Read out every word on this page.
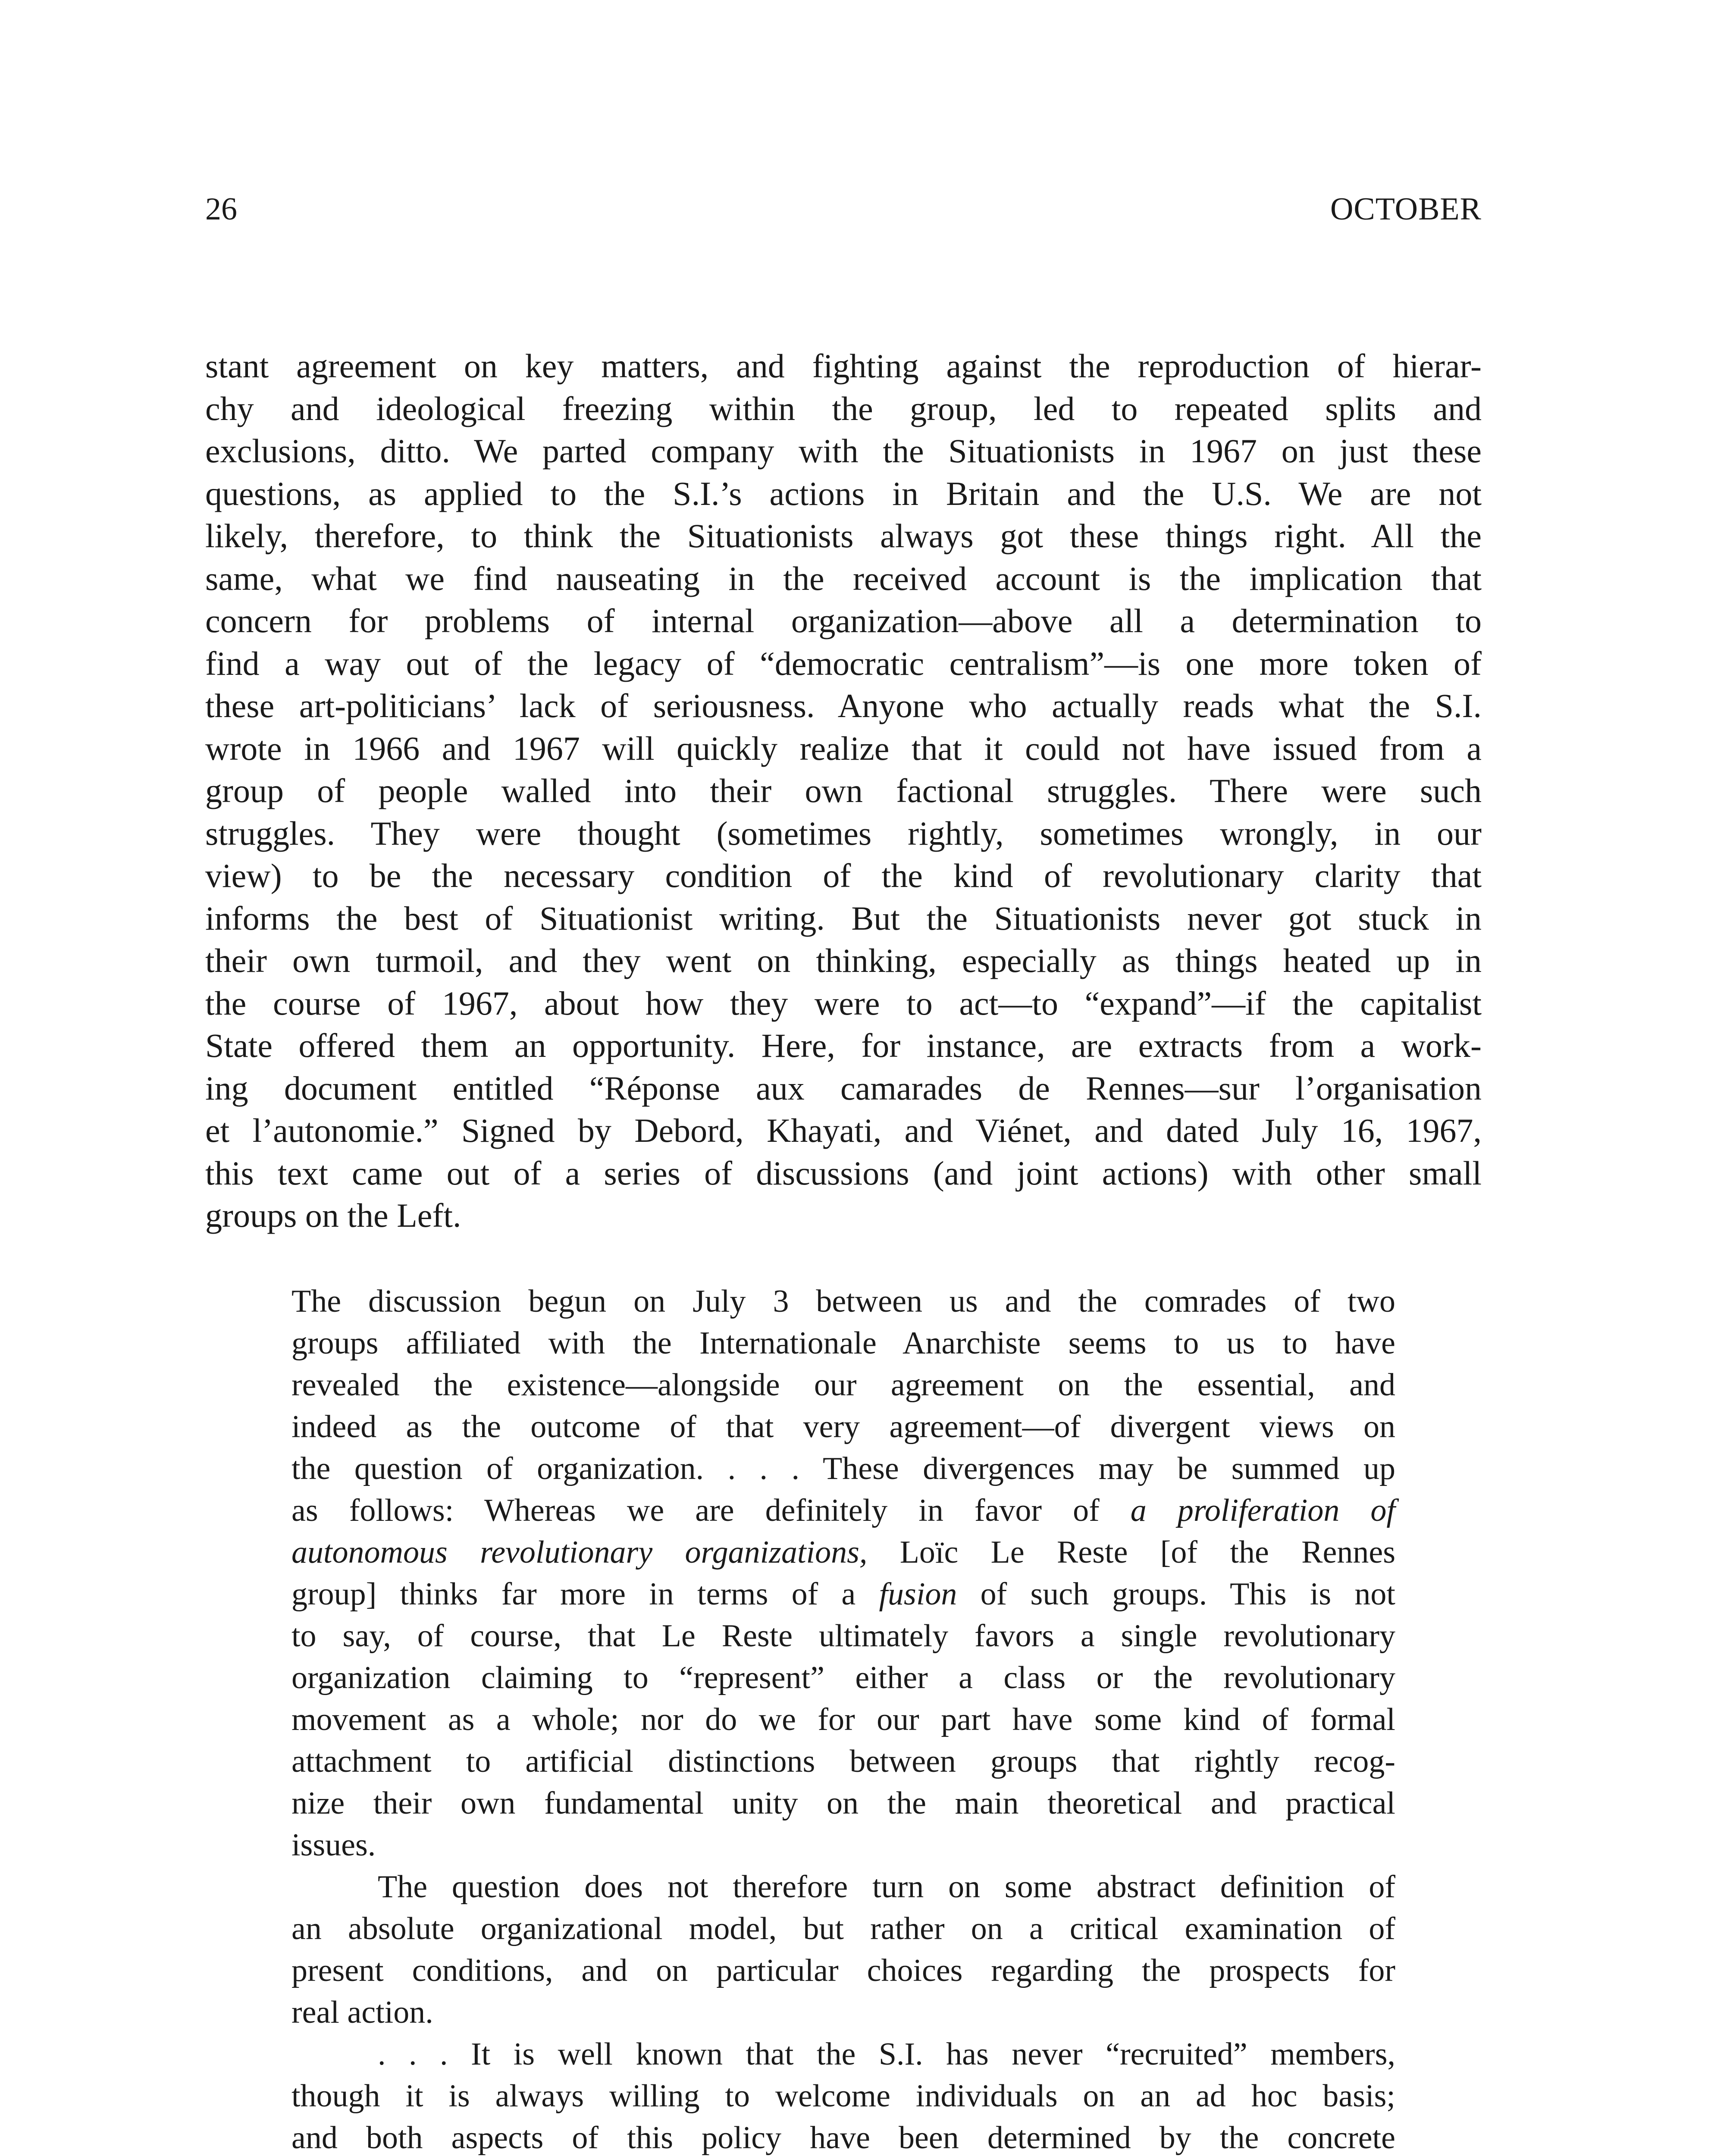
26	OCTOBER
stant agreement on key matters, and fighting against the reproduction of hierar-
chy and ideological freezing within the group, led to repeated splits and
exclusions, ditto. We parted company with the Situationists in 1967 on just these
questions, as applied to the S.I.’s actions in Britain and the U.S. We are not
likely, therefore, to think the Situationists always got these things right. All the
same, what we find nauseating in the received account is the implication that
concern for problems of internal organization—above all a determination to
find a way out of the legacy of “democratic centralism”—is one more token of
these art-politicians’ lack of seriousness. Anyone who actually reads what the S.I.
wrote in 1966 and 1967 will quickly realize that it could not have issued from a
group of people walled into their own factional struggles. There were such
struggles. They were thought (sometimes rightly, sometimes wrongly, in our
view) to be the necessary condition of the kind of revolutionary clarity that
informs the best of Situationist writing. But the Situationists never got stuck in
their own turmoil, and they went on thinking, especially as things heated up in
the course of 1967, about how they were to act—to “expand”—if the capitalist
State offered them an opportunity. Here, for instance, are extracts from a work-
ing document entitled “Réponse aux camarades de Rennes—sur l’organisation
et l’autonomie.” Signed by Debord, Khayati, and Viénet, and dated July 16, 1967,
this text came out of a series of discussions (and joint actions) with other small
groups on the Left.
The discussion begun on July 3 between us and the comrades of two
groups affiliated with the Internationale Anarchiste seems to us to have
revealed the existence—alongside our agreement on the essential, and
indeed as the outcome of that very agreement—of divergent views on
the question of organization. . . . These divergences may be summed up
as follows: Whereas we are definitely in favor of a proliferation of
autonomous revolutionary organizations, Loïc Le Reste [of the Rennes
group] thinks far more in terms of a fusion of such groups. This is not
to say, of course, that Le Reste ultimately favors a single revolutionary
organization claiming to “represent” either a class or the revolutionary
movement as a whole; nor do we for our part have some kind of formal
attachment to artificial distinctions between groups that rightly recog-
nize their own fundamental unity on the main theoretical and practical
issues.
The question does not therefore turn on some abstract definition of
an absolute organizational model, but rather on a critical examination of
present conditions, and on particular choices regarding the prospects for
real action.
. . . It is well known that the S.I. has never “recruited” members,
though it is always willing to welcome individuals on an ad hoc basis;
and both aspects of this policy have been determined by the concrete
